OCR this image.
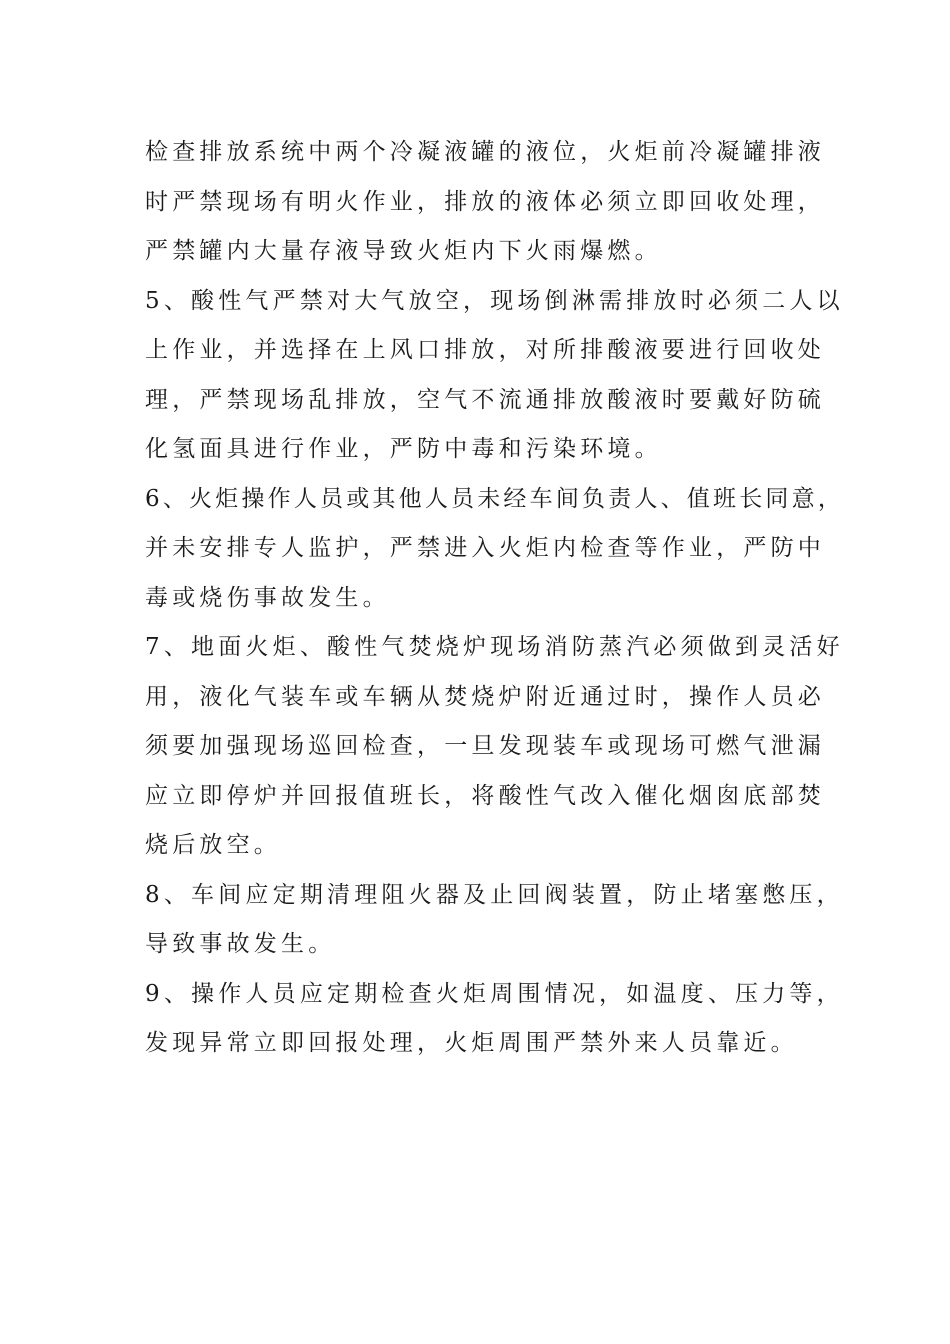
检查排放系统中两个冷凝液罐的液位，火炬前冷凝罐排液
时严禁现场有明火作业，排放的液体必须立即回收处理，
严禁罐内大量存液导致火炬内下火雨爆燃。
5、酸性气严禁对大气放空，现场倒淋需排放时必须二人以
上作业，并选择在上风口排放，对所排酸液要进行回收处
理，严禁现场乱排放，空气不流通排放酸液时要戴好防硫
化氢面具进行作业，严防中毒和污染环境。
6、火炬操作人员或其他人员未经车间负责人、值班长同意，
并未安排专人监护，严禁进入火炬内检查等作业，严防中
毒或烧伤事故发生。
7、地面火炬、酸性气焚烧炉现场消防蒸汽必须做到灵活好
用，液化气装车或车辆从焚烧炉附近通过时，操作人员必
须要加强现场巡回检查，一旦发现装车或现场可燃气泄漏
应立即停炉并回报值班长，将酸性气改入催化烟囱底部焚
烧后放空。
8、车间应定期清理阻火器及止回阀装置，防止堵塞憋压，
导致事故发生。
9、操作人员应定期检查火炬周围情况，如温度、压力等，
发现异常立即回报处理，火炬周围严禁外来人员靠近。
